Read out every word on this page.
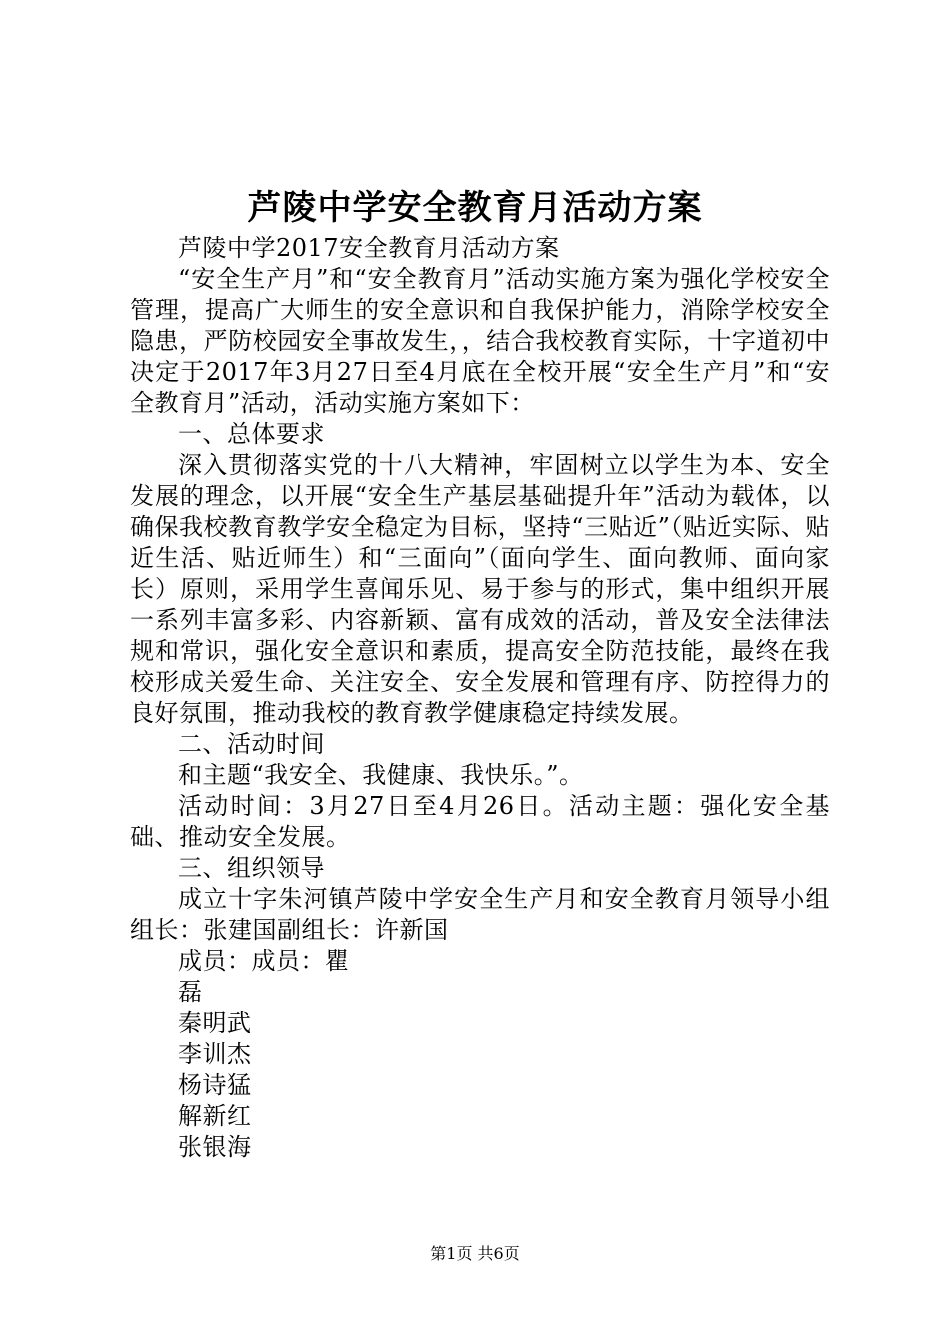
芦陵中学安全教育月活动方案

芦陵中学2017安全教育月活动方案

“安全生产月”和“安全教育月”活动实施方案为强化学校安全管理，提高广大师生的安全意识和自我保护能力，消除学校安全隐患，严防校园安全事故发生，，结合我校教育实际，十字道初中决定于2017年3月27日至4月底在全校开展“安全生产月”和“安全教育月”活动，活动实施方案如下：

一、总体要求

深入贯彻落实党的十八大精神，牢固树立以学生为本、安全发展的理念，以开展“安全生产基层基础提升年”活动为载体，以确保我校教育教学安全稳定为目标，坚持“三贴近”（贴近实际、贴近生活、贴近师生）和“三面向”（面向学生、面向教师、面向家长）原则，采用学生喜闻乐见、易于参与的形式，集中组织开展一系列丰富多彩、内容新颖、富有成效的活动，普及安全法律法规和常识，强化安全意识和素质，提高安全防范技能，最终在我校形成关爱生命、关注安全、安全发展和管理有序、防控得力的良好氛围，推动我校的教育教学健康稳定持续发展。

二、活动时间

和主题“我安全、我健康、我快乐。”。

活动时间：3月27日至4月26日。活动主题：强化安全基础、推动安全发展。

三、组织领导

成立十字朱河镇芦陵中学安全生产月和安全教育月领导小组组长：张建国副组长：许新国

成员：成员：瞿

磊

秦明武

李训杰

杨诗猛

解新红

张银海

第1页 共6页
